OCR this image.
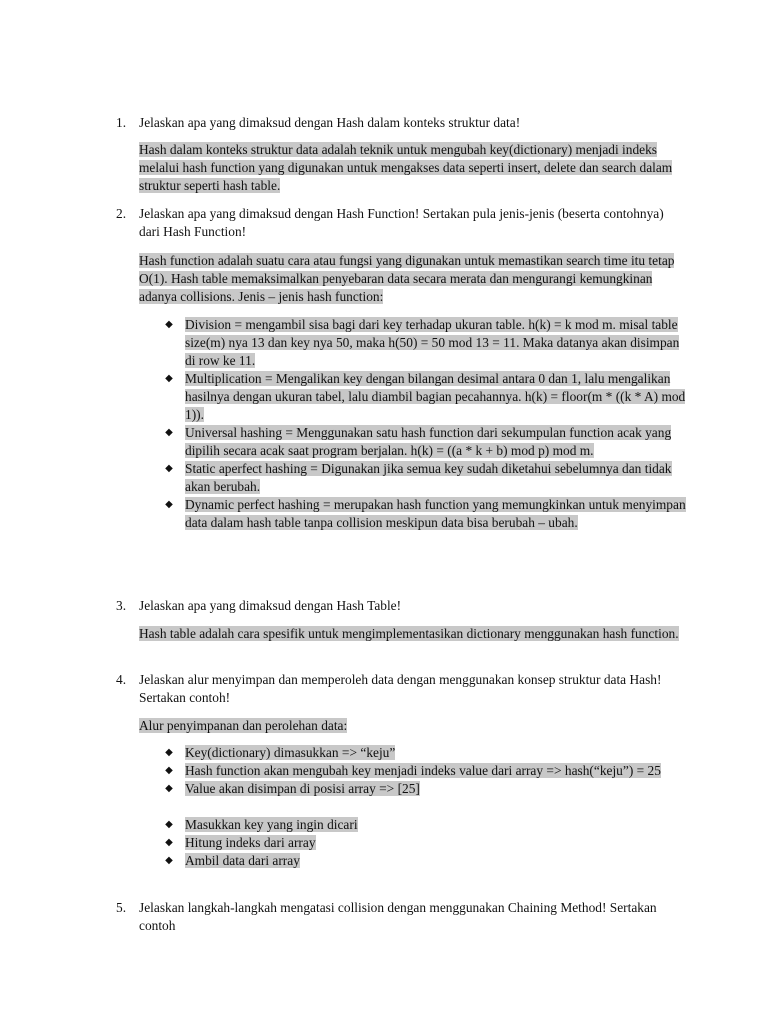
1. Jelaskan apa yang dimaksud dengan Hash dalam konteks struktur data!
Hash dalam konteks struktur data adalah teknik untuk mengubah key(dictionary) menjadi indeks melalui hash function yang digunakan untuk mengakses data seperti insert, delete dan search dalam struktur seperti hash table.
2. Jelaskan apa yang dimaksud dengan Hash Function! Sertakan pula jenis-jenis (beserta contohnya) dari Hash Function!
Hash function adalah suatu cara atau fungsi yang digunakan untuk memastikan search time itu tetap O(1). Hash table memaksimalkan penyebaran data secara merata dan mengurangi kemungkinan adanya collisions. Jenis – jenis hash function:
◆ Division = mengambil sisa bagi dari key terhadap ukuran table. h(k) = k mod m. misal table size(m) nya 13 dan key nya 50, maka h(50) = 50 mod 13 = 11. Maka datanya akan disimpan di row ke 11.
◆ Multiplication = Mengalikan key dengan bilangan desimal antara 0 dan 1, lalu mengalikan hasilnya dengan ukuran tabel, lalu diambil bagian pecahannya. h(k) = floor(m * ((k * A) mod 1)).
◆ Universal hashing = Menggunakan satu hash function dari sekumpulan function acak yang dipilih secara acak saat program berjalan. h(k) = ((a * k + b) mod p) mod m.
◆ Static aperfect hashing = Digunakan jika semua key sudah diketahui sebelumnya dan tidak akan berubah.
◆ Dynamic perfect hashing = merupakan hash function yang memungkinkan untuk menyimpan data dalam hash table tanpa collision meskipun data bisa berubah – ubah.
3. Jelaskan apa yang dimaksud dengan Hash Table!
Hash table adalah cara spesifik untuk mengimplementasikan dictionary menggunakan hash function.
4. Jelaskan alur menyimpan dan memperoleh data dengan menggunakan konsep struktur data Hash! Sertakan contoh!
Alur penyimpanan dan perolehan data:
◆ Key(dictionary) dimasukkan => “keju”
◆ Hash function akan mengubah key menjadi indeks value dari array => hash(“keju”) = 25
◆ Value akan disimpan di posisi array => [25]
◆ Masukkan key yang ingin dicari
◆ Hitung indeks dari array
◆ Ambil data dari array
5. Jelaskan langkah-langkah mengatasi collision dengan menggunakan Chaining Method! Sertakan contoh
